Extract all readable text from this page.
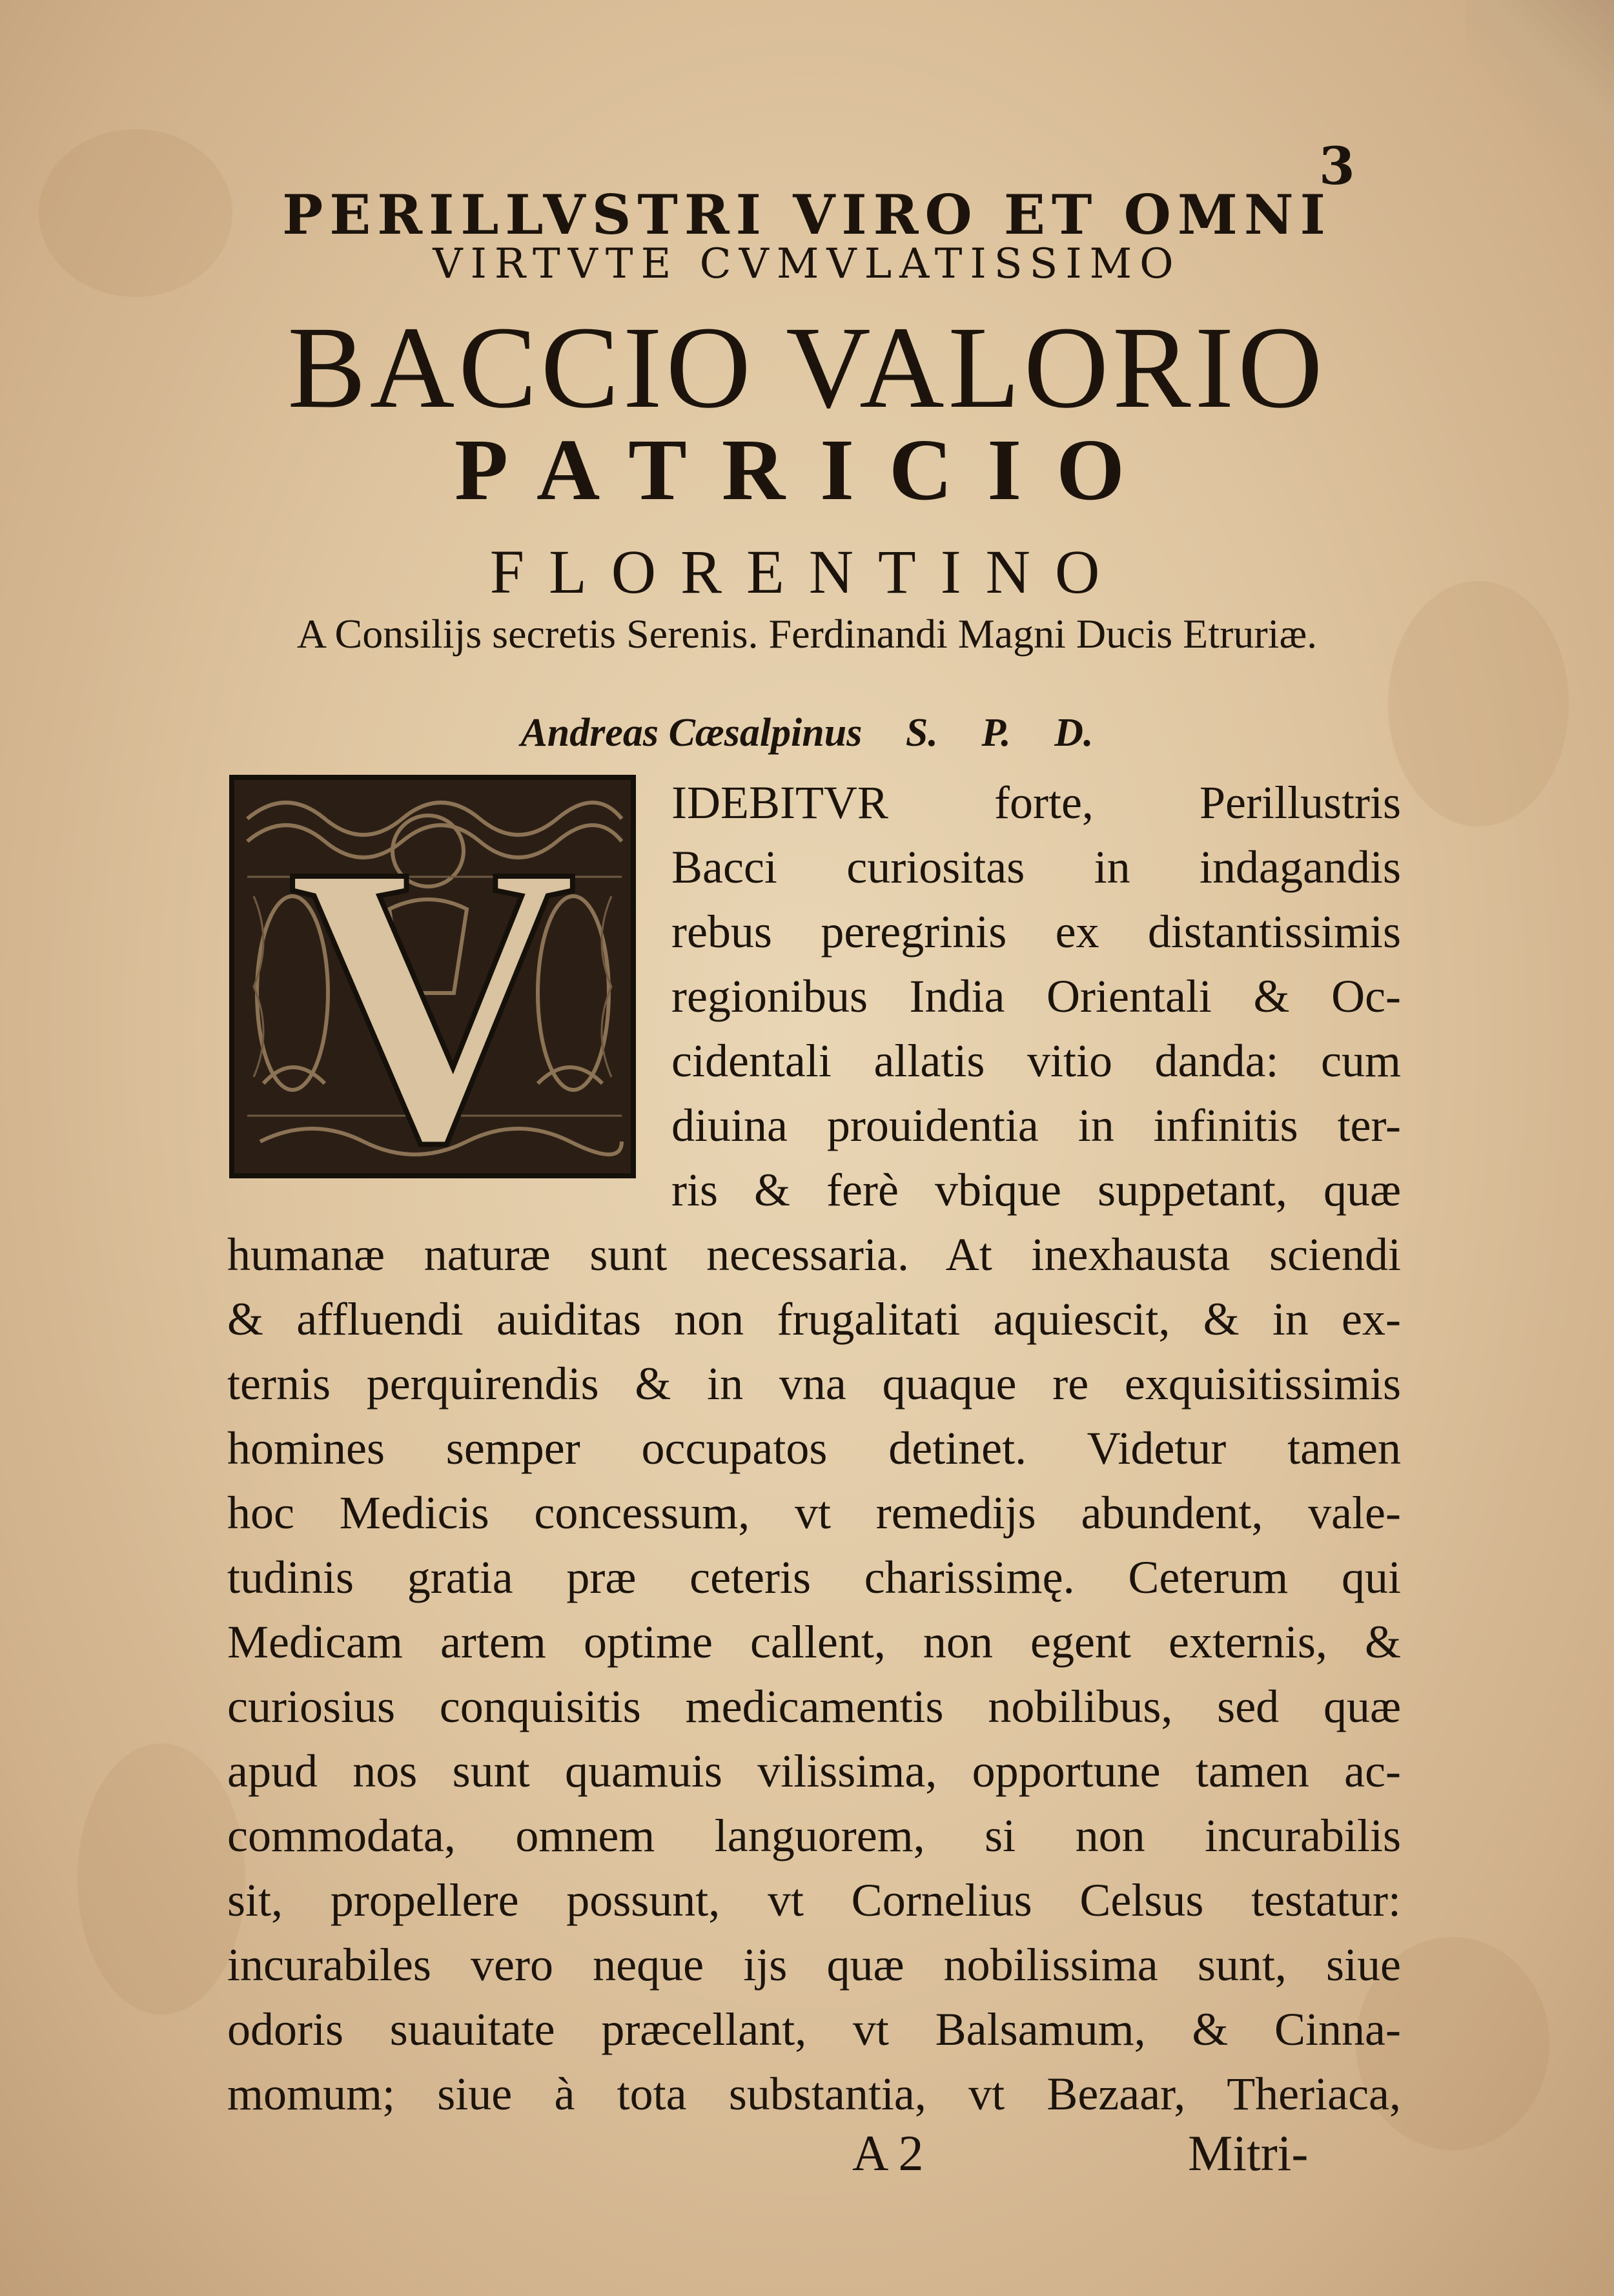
3
PERILLVSTRI VIRO ET OMNI
VIRTVTE CVMVLATISSIMO
BACCIO VALORIO
PATRICIO
FLORENTINO
A Consilijs secretis Serenis. Ferdinandi Magni Ducis Etruriæ.
Andreas Cæsalpinus S. P. D.
V IDEBITVR forte, Perillustris
Bacci curiositas in indagandis
rebus peregrinis ex distantissimis
regionibus India Orientali & Oc-
cidentali allatis vitio danda: cum
diuina prouidentia in infinitis ter-
ris & ferè vbique suppetant, quæ
humanæ naturæ sunt necessaria. At inexhausta sciendi
& affluendi auiditas non frugalitati aquiescit, & in ex-
ternis perquirendis & in vna quaque re exquisitissimis
homines semper occupatos detinet. Videtur tamen
hoc Medicis concessum, vt remedijs abundent, vale-
tudinis gratia præ ceteris charissimę. Ceterum qui
Medicam artem optime callent, non egent externis, &
curiosius conquisitis medicamentis nobilibus, sed quæ
apud nos sunt quamuis vilissima, opportune tamen ac-
commodata, omnem languorem, si non incurabilis
sit, propellere possunt, vt Cornelius Celsus testatur:
incurabiles vero neque ijs quæ nobilissima sunt, siue
odoris suauitate præcellant, vt Balsamum, & Cinna-
momum; siue à tota substantia, vt Bezaar, Theriaca,
A 2	Mitri-
